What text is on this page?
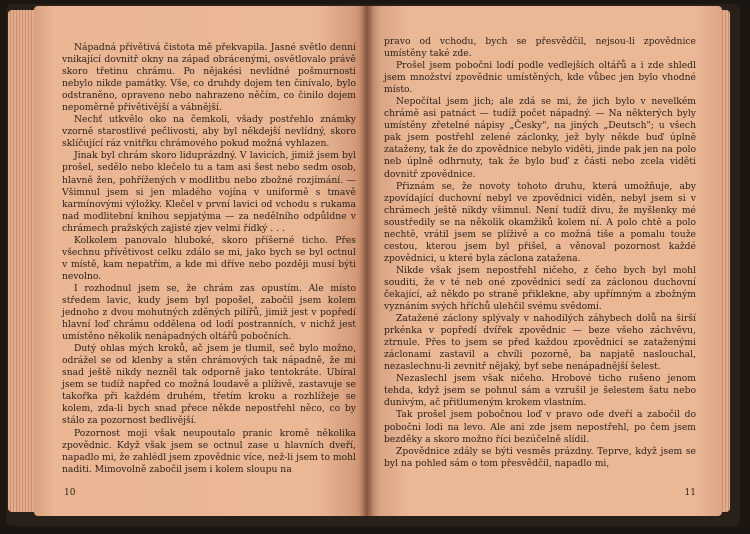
Nápadná přívětivá čistota mě překvapila. Jasné světlo denní vnikající dovnitř okny na západ obrácenými, osvětlovalo právě skoro třetinu chrámu. Po nějakési nevlídné pošmurnosti nebylo nikde památky. Vše, co druhdy dojem ten činívalo, bylo odstraněno, opraveno nebo nahrazeno něčím, co činilo dojem nepoměrně přívětivější a vábnější.

Nechť utkvělo oko na čemkoli, všady postřehlo známky vzorně starostlivé pečlivosti, aby byl někdejší nevlídný, skoro sklíčující ráz vnitřku chrámového pokud možná vyhlazen.

Jinak byl chrám skoro liduprázdný. V lavicích, jimiž jsem byl prošel, sedělo nebo klečelo tu a tam asi šest nebo sedm osob, hlavně žen, pohřížených v modlitbu nebo zbožné rozjímání. — Všimnul jsem si jen mladého vojína v uniformě s tmavě karmínovými výložky. Klečel v první lavici od vchodu s rukama nad modlitební knihou sepjatýma — za nedělního odpůldne v chrámech pražských zajisté zjev velmi řídký . . .

Kolkolem panovalo hluboké, skoro příšerné ticho. Přes všechnu přívětivost celku zdálo se mi, jako bych se byl octnul v místě, kam nepatřím, a kde mi dříve nebo později musí býti nevolno.

I rozhodnul jsem se, že chrám zas opustím. Ale místo středem lavic, kudy jsem byl popošel, zabočil jsem kolem jednoho z dvou mohutných zděných pilířů, jimiž jest v popředí hlavní loď chrámu oddělena od lodí postranních, v nichž jest umístěno několik nenápadných oltářů pobočních.

Dutý ohlas mých kroků, ač jsem je tlumil, seč bylo možno, odrážel se od klenby a stěn chrámových tak nápadně, že mi snad ještě nikdy nezněl tak odporně jako tentokráte. Ubíral jsem se tudíž napřed co možná loudavě a plíživě, zastavuje se takořka při každém druhém, třetím kroku a rozhlížeje se kolem, zda-li bych snad přece někde nepostřehl něco, co by stálo za pozornost bedlivější.

Pozornost moji však neupoutalo pranic kromě několika zpovědnic. Když však jsem se octnul zase u hlavních dveří, napadlo mi, že zahlédl jsem zpovědnic více, než-li jsem to mohl naditi. Mimovolně zabočil jsem i kolem sloupu na

10

pravo od vchodu, bych se přesvědčil, nejsou-li zpovědnice umístěny také zde.

Prošel jsem pobočni lodí podle vedlejších oltářů a i zde shledl jsem množství zpovědnic umístěných, kde vůbec jen bylo vhodné místo.

Nepočítal jsem jich; ale zdá se mi, že jich bylo v nevelkém chrámě asi patnáct — tudíž počet nápadný. — Na některých byly umístěny zřetelné nápisy „Česky", na jiných „Deutsch"; u všech pak jsem postřehl zelené záclonky, jež byly někde buď úplně zataženy, tak že do zpovědnice nebylo viděti, jinde pak jen na polo neb úplně odhrnuty, tak že bylo buď z části nebo zcela viděti dovnitř zpovědnice.

Přiznám se, že novoty tohoto druhu, která umožňuje, aby zpovídající duchovní nebyl ve zpovědnici viděn, nebyl jsem si v chrámech ještě nikdy všimnul. Není tudíž divu, že myšlenky mé soustředily se na několik okamžiků kolem ní. A polo chtě a polo nechtě, vrátil jsem se plíživě a co možná tiše a pomalu touže cestou, kterou jsem byl přišel, a věnoval pozornost každé zpovědnici, u které byla záclona zatažena.

Nikde však jsem nepostřehl ničeho, z čeho bych byl mohl souditi, že v té neb oné zpovědnici sedí za záclonou duchovní čekající, až někdo po straně přiklekne, aby upřímným a zbožným vyznáním svých hříchů ulehčil svému svědomí.

Zatažené záclony splývaly v nahodilých záhybech dolů na širší prkénka v popředí dvířek zpovědnic — beze všeho záchvěvu, ztrnule. Přes to jsem se před každou zpovědnicí se zataženými záclonami zastavil a chvíli pozorně, ba napjatě naslouchal, nezaslechnu-li zevnitř nějaký, byť sebe nenápadnější šelest.

Nezaslechl jsem však ničeho. Hrobové ticho rušeno jenom tehda, když jsem se pohnul sám a vzrušil je šelestem šatu nebo dunivým, ač přitlumeným krokem vlastním.

Tak prošel jsem pobočnou loď v pravo ode dveří a zabočil do pobočni lodi na levo. Ale ani zde jsem nepostřehl, po čem jsem bezděky a skoro možno říci bezúčelně slídil.

Zpovědnice zdály se býti vesměs prázdny. Teprve, když jsem se byl na pohled sám o tom přesvědčil, napadlo mi,

11
